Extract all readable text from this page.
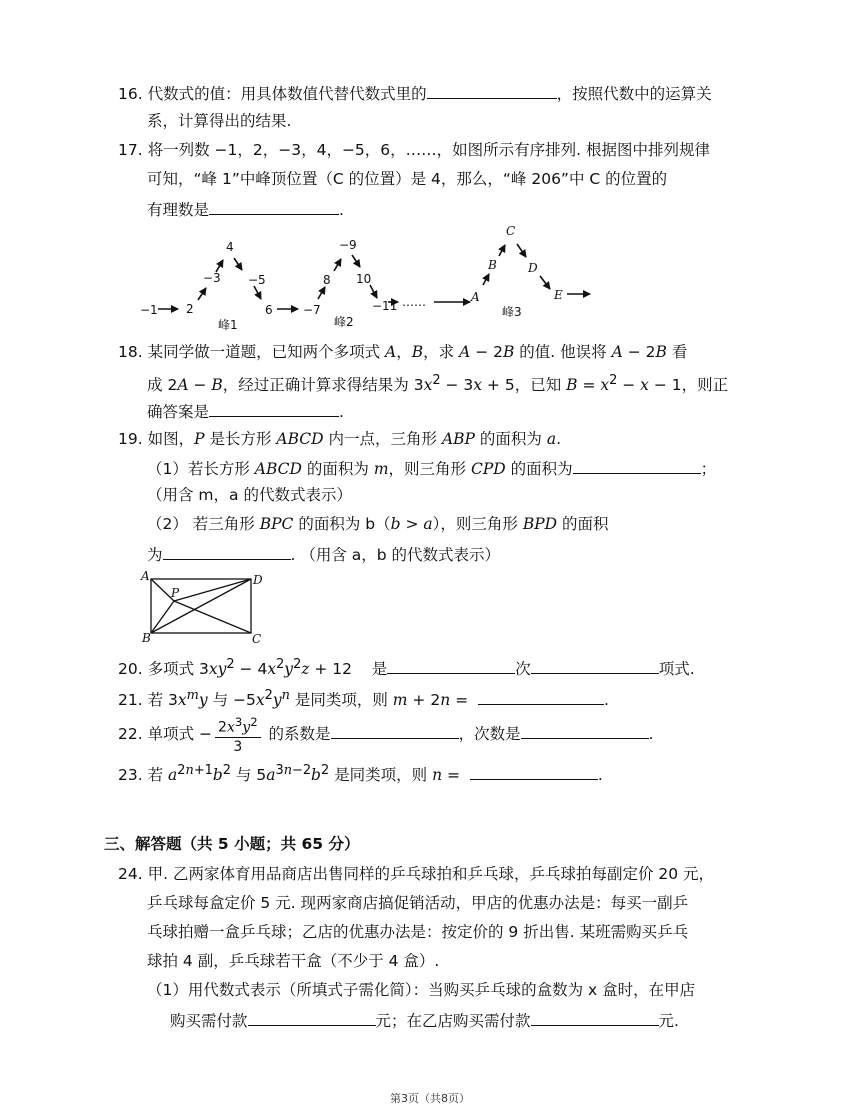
16. 代数式的值：用具体数值代替代数式里的	，按照代数中的运算关
系，计算得出的结果.
17. 将一列数 −1，2，−3，4，−5，6，……，如图所示有序排列. 根据图中排列规律
可知，“峰 1”中峰顶位置（C 的位置）是 4，那么，“峰 206”中 C 的位置的
有理数是	.
−1 2
−3
4
−5
6	−7
8
−9
10
−11 ……	A
B
C
D
E
峰1	峰2
峰3
18. 某同学做一道题，已知两个多项式 A，B，求 A − 2B 的值. 他误将 A − 2B 看
成 2A − B，经过正确计算求得结果为 $3x^2 - 3x + 5$，已知 $B = x^2 - x - 1$，则正
确答案是	.
19. 如图，P 是长方形 ABCD 内一点，三角形 ABP 的面积为 a.
（1）若长方形 ABCD 的面积为 m，则三角形 CPD 的面积为	；
（用含 m，a 的代数式表示）
（2） 若三角形 BPC 的面积为 b（b > a），则三角形 BPD 的面积
为	. （用含 a，b 的代数式表示）
A	D
B	C
P
20. 多项式 $3xy^2 - 4x^2y^2z + 12$    是	次	项式.
21. 若 $3x^my$ 与 $-5x^2y^n$ 是同类项，则 m + 2n =	.
22. 单项式 − $\frac{2x^3y^2}{3}$ 的系数是	，次数是	.
23. 若 $a^{2n+1}b^2$ 与 $5a^{3n-2}b^2$ 是同类项，则 n =	.
三、解答题（共 5 小题；共 65 分）
24. 甲. 乙两家体育用品商店出售同样的乒乓球拍和乒乓球，乒乓球拍每副定价 20 元，
乒乓球每盒定价 5 元. 现两家商店搞促销活动，甲店的优惠办法是：每买一副乒
乓球拍赠一盒乒乓球；乙店的优惠办法是：按定价的 9 折出售. 某班需购买乒乓
球拍 4 副，乒乓球若干盒（不少于 4 盒）.
（1）用代数式表示（所填式子需化简）：当购买乒乓球的盒数为 x 盒时，在甲店
购买需付款	元；在乙店购买需付款	元.
第3页（共8页）
